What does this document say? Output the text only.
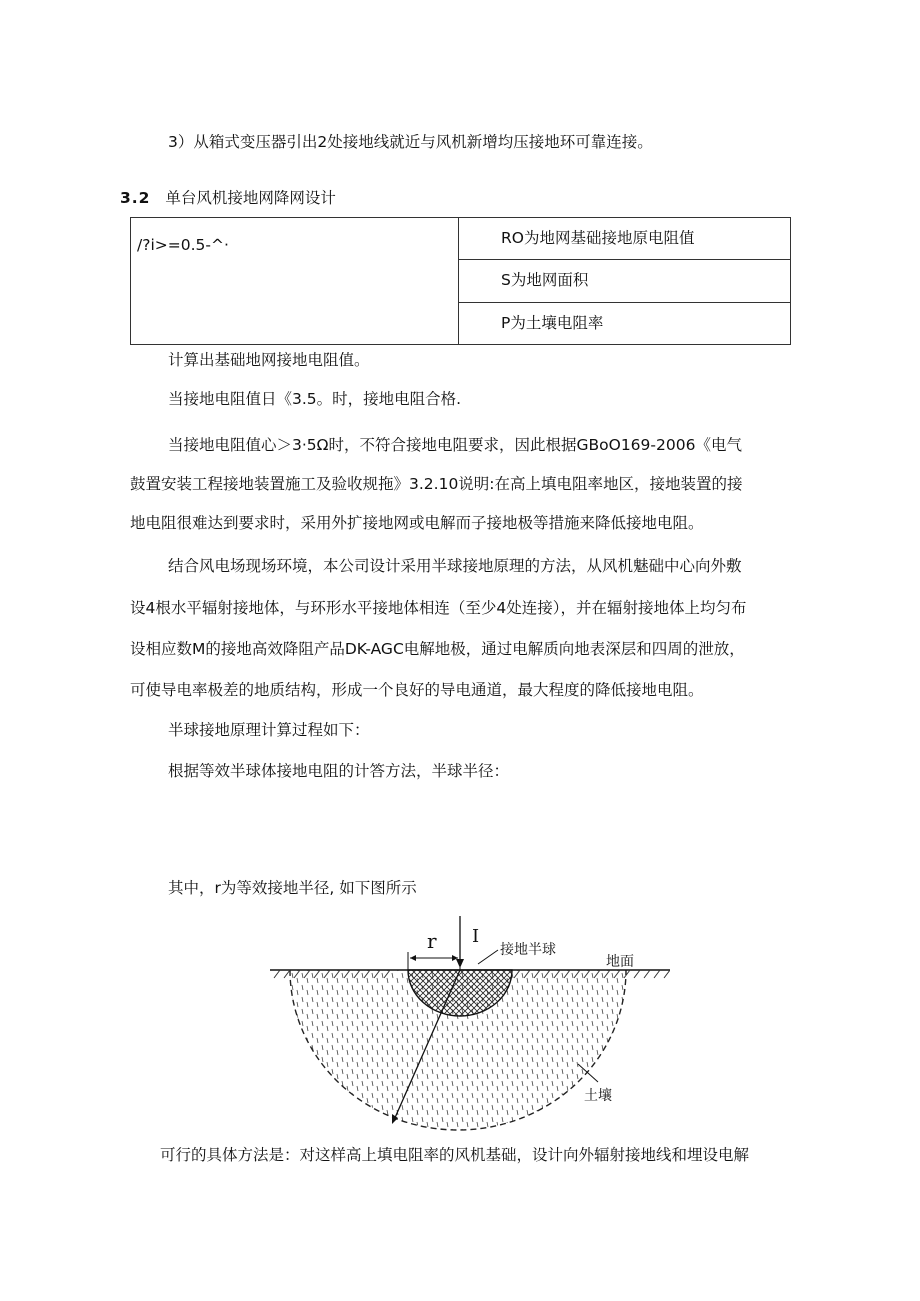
3）从箱式变压器引出2处接地线就近与风机新增均压接地环可靠连接。
3.2 单台风机接地网降网设计
/?i>=0.5-^·	RO为地网基础接地原电阻值
S为地网面积
P为土壤电阻率
计算出基础地网接地电阻值。
当接地电阻值日《3.5。时，接地电阻合格.
当接地电阻值心＞3·5Ω时，不符合接地电阻要求，因此根据GBoO169-2006《电气
鼓置安装工程接地装置施工及验收规拖》3.2.10说明:在高上填电阻率地区，接地装置的接
地电阻很难达到要求时，采用外扩接地网或电解而子接地极等措施来降低接地电阻。
结合风电场现场环境，本公司设计采用半球接地原理的方法，从风机魅础中心向外敷
设4根水平辐射接地体，与环形水平接地体相连（至少4处连接），并在辐射接地体上均匀布
设相应数M的接地高效降阻产品DK-AGC电解地极，通过电解质向地表深层和四周的泄放，
可使导电率极差的地质结构，形成一个良好的导电通道，最大程度的降低接地电阻。
半球接地原理计算过程如下：
根据等效半球体接地电阻的计答方法，半球半径：
其中，r为等效接地半径, 如下图所示
r I
接地半球
地面
土壤
可行的具体方法是：对这样高上填电阻率的风机基础，设计向外辐射接地线和埋设电解
